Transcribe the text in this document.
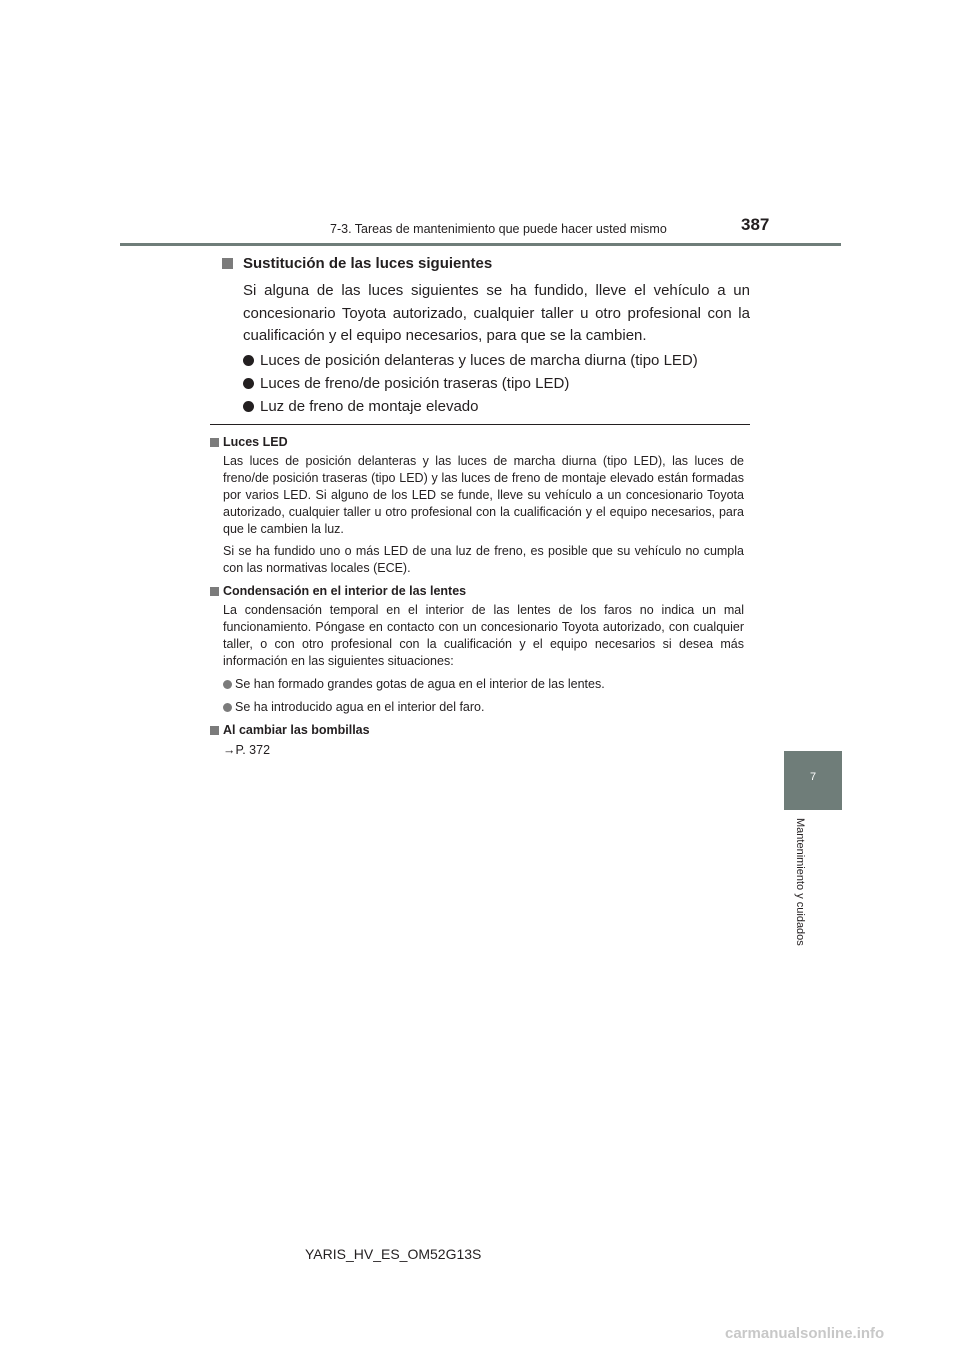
7-3. Tareas de mantenimiento que puede hacer usted mismo	387
7
Mantenimiento y cuidados
Sustitución de las luces siguientes

Si alguna de las luces siguientes se ha fundido, lleve el vehículo a un concesionario Toyota autorizado, cualquier taller u otro profesional con la cualificación y el equipo necesarios, para que se la cambien.

Luces de posición delanteras y luces de marcha diurna (tipo LED)
Luces de freno/de posición traseras (tipo LED)
Luz de freno de montaje elevado
Luces LED

Las luces de posición delanteras y las luces de marcha diurna (tipo LED), las luces de freno/de posición traseras (tipo LED) y las luces de freno de montaje elevado están formadas por varios LED. Si alguno de los LED se funde, lleve su vehículo a un concesionario Toyota autorizado, cualquier taller u otro profesional con la cualificación y el equipo necesarios, para que le cambien la luz.

Si se ha fundido uno o más LED de una luz de freno, es posible que su vehículo no cumpla con las normativas locales (ECE).

Condensación en el interior de las lentes

La condensación temporal en el interior de las lentes de los faros no indica un mal funcionamiento. Póngase en contacto con un concesionario Toyota autorizado, con cualquier taller, o con otro profesional con la cualificación y el equipo necesarios si desea más información en las siguientes situaciones:

Se han formado grandes gotas de agua en el interior de las lentes.
Se ha introducido agua en el interior del faro.
Al cambiar las bombillas
→P. 372
YARIS_HV_ES_OM52G13S
carmanualsonline.info
